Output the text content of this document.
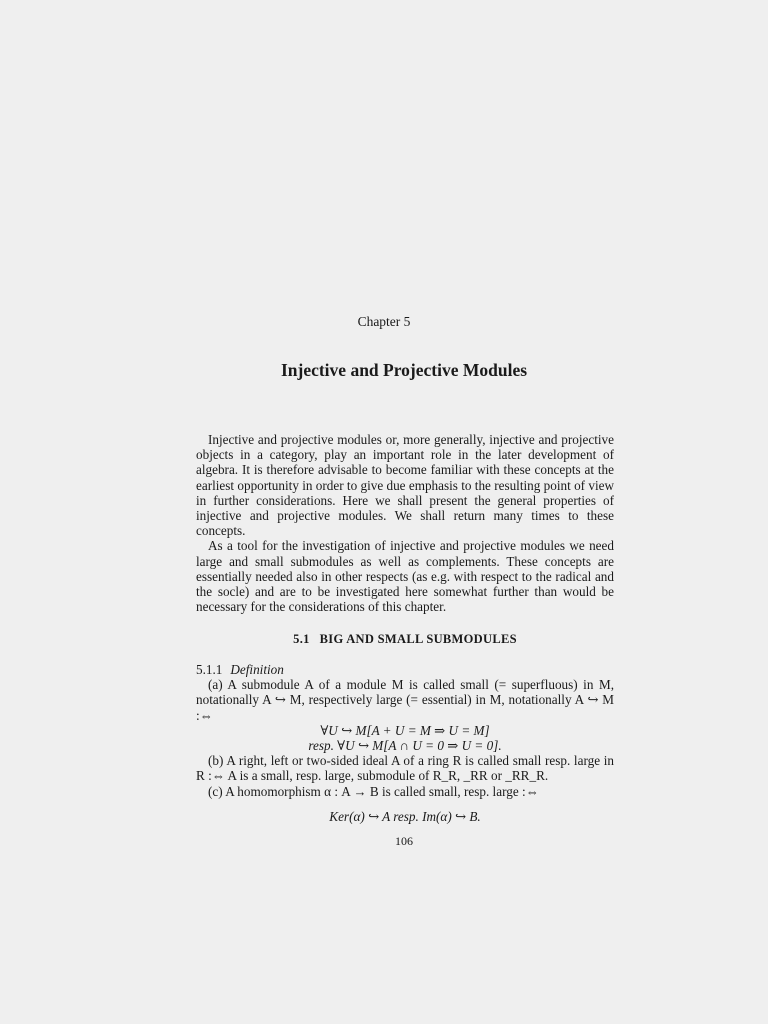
Chapter 5
Injective and Projective Modules

Injective and projective modules or, more generally, injective and projective objects in a category, play an important role in the later development of algebra. It is therefore advisable to become familiar with these concepts at the earliest opportunity in order to give due emphasis to the resulting point of view in further considerations. Here we shall present the general properties of injective and projective modules. We shall return many times to these concepts.

As a tool for the investigation of injective and projective modules we need large and small submodules as well as complements. These concepts are essentially needed also in other respects (as e.g. with respect to the radical and the socle) and are to be investigated here somewhat further than would be necessary for the considerations of this chapter.

5.1 BIG AND SMALL SUBMODULES

5.1.1 Definition

(a) A submodule A of a module M is called small (= superfluous) in M, notationally A ↪ M, respectively large (= essential) in M, notationally A ↪ M :⇔

∀U ↪ M[A + U = M ⇒ U = M]

resp. ∀U ↪ M[A ∩ U = 0 ⇒ U = 0].

(b) A right, left or two-sided ideal A of a ring R is called small resp. large in R :⇔ A is a small, resp. large, submodule of R_R, _RR or _RR_R.

(c) A homomorphism α : A → B is called small, resp. large :⇔

Ker(α) ↪ A resp. Im(α) ↪ B.

106
